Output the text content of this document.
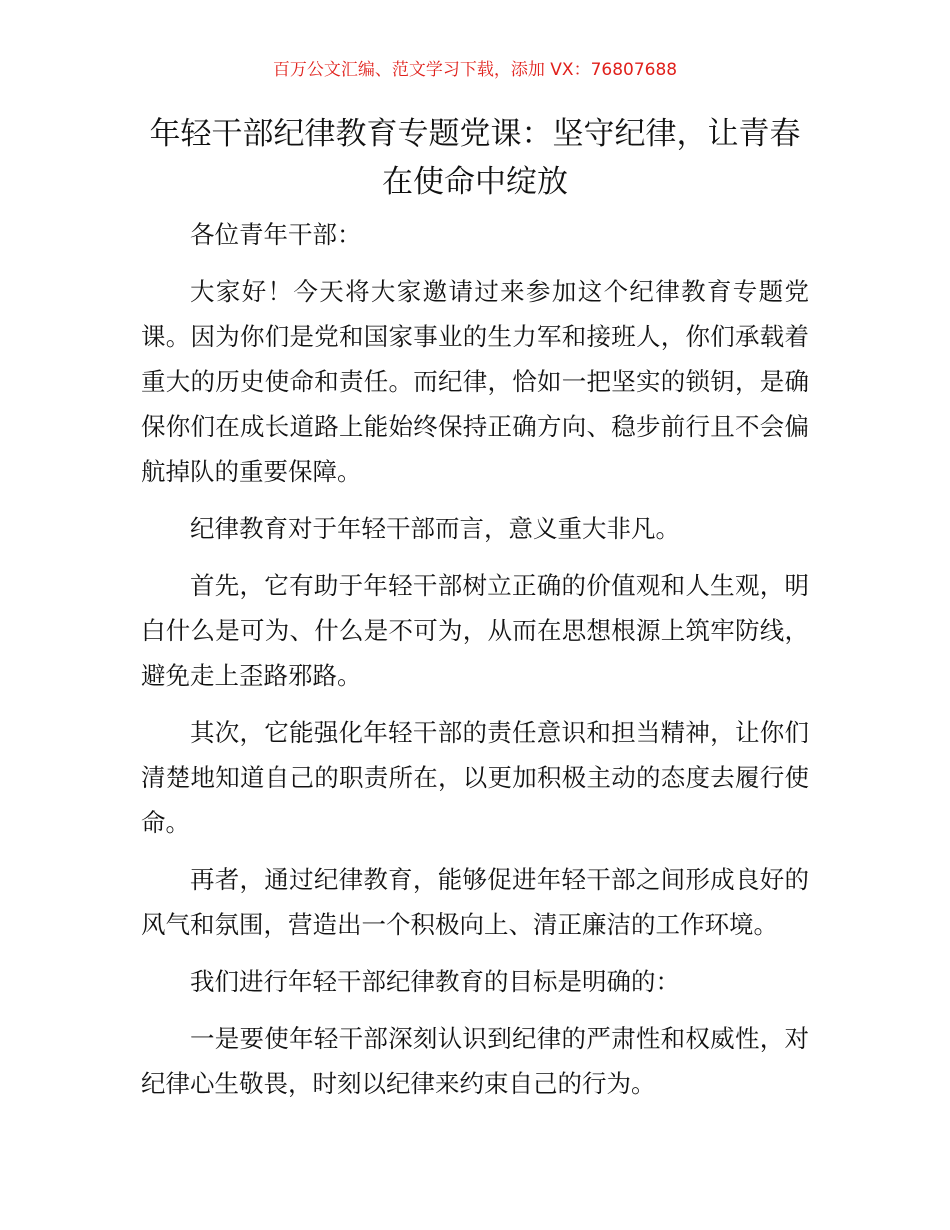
百万公文汇编、范文学习下载，添加 VX：76807688
年轻干部纪律教育专题党课：坚守纪律，让青春在使命中绽放

各位青年干部：

大家好！今天将大家邀请过来参加这个纪律教育专题党课。因为你们是党和国家事业的生力军和接班人，你们承载着重大的历史使命和责任。而纪律，恰如一把坚实的锁钥，是确保你们在成长道路上能始终保持正确方向、稳步前行且不会偏航掉队的重要保障。

纪律教育对于年轻干部而言，意义重大非凡。

首先，它有助于年轻干部树立正确的价值观和人生观，明白什么是可为、什么是不可为，从而在思想根源上筑牢防线，避免走上歪路邪路。

其次，它能强化年轻干部的责任意识和担当精神，让你们清楚地知道自己的职责所在，以更加积极主动的态度去履行使命。

再者，通过纪律教育，能够促进年轻干部之间形成良好的风气和氛围，营造出一个积极向上、清正廉洁的工作环境。

我们进行年轻干部纪律教育的目标是明确的：

一是要使年轻干部深刻认识到纪律的严肃性和权威性，对纪律心生敬畏，时刻以纪律来约束自己的行为。
